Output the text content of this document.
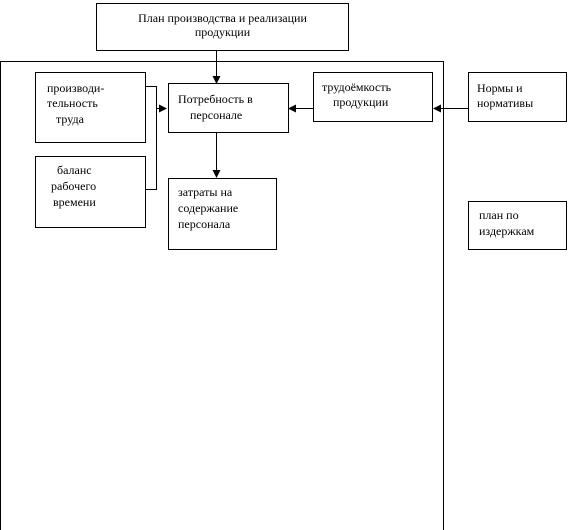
План производства и реализации
продукции
производи-
тельность
труда
баланс
рабочего
времени
Потребность в
персонале
трудоёмкость
продукции
Нормы и
нормативы
затраты на
содержание
персонала
план по
издержкам
